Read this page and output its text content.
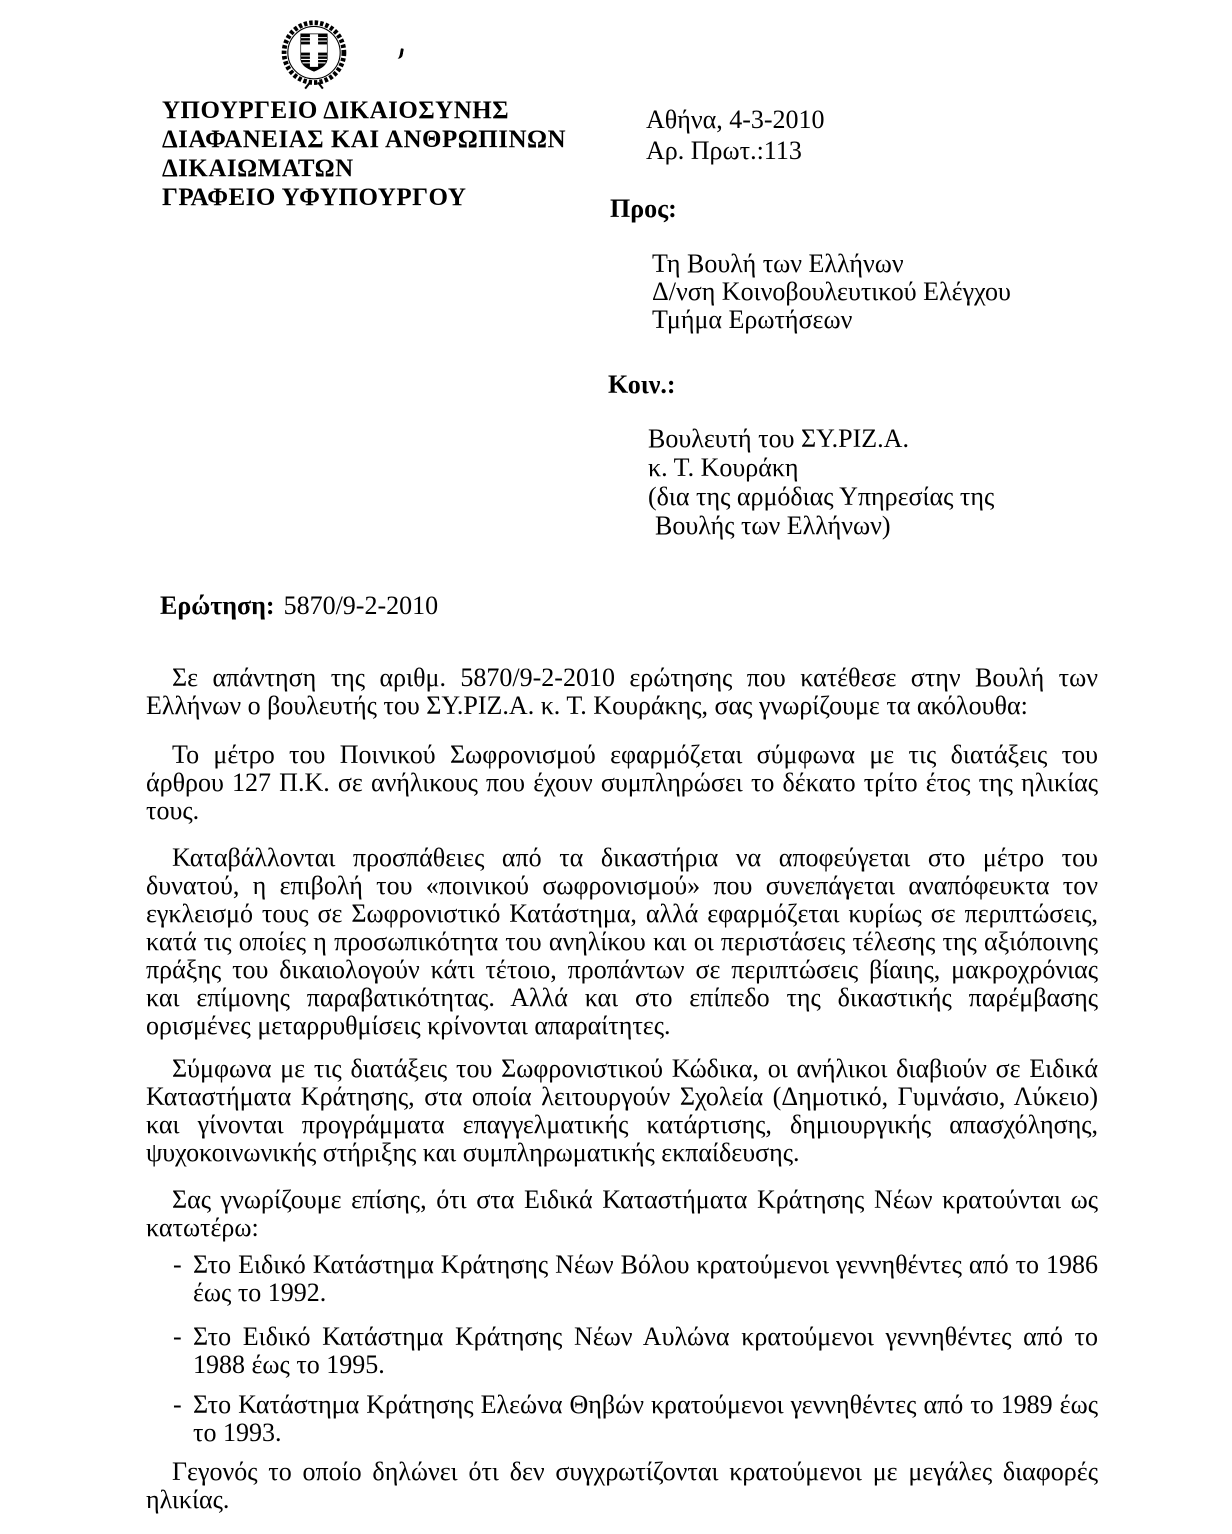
ΥΠΟΥΡΓΕΙΟ ΔΙΚΑΙΟΣΥΝΗΣ
ΔΙΑΦΑΝΕΙΑΣ ΚΑΙ ΑΝΘΡΩΠΙΝΩΝ
ΔΙΚΑΙΩΜΑΤΩΝ
ΓΡΑΦΕΙΟ ΥΦΥΠΟΥΡΓΟΥ
Αθήνα, 4-3-2010
Αρ. Πρωτ.:113
Προς:
Τη Βουλή των Ελλήνων
Δ/νση Κοινοβουλευτικού Ελέγχου
Τμήμα Ερωτήσεων
Κοιν.:
Βουλευτή του ΣΥ.ΡΙΖ.Α.
κ. Τ. Κουράκη
(δια της αρμόδιας Υπηρεσίας της
Βουλής των Ελλήνων)
Ερώτηση: 5870/9-2-2010

Σε απάντηση της αριθμ. 5870/9-2-2010 ερώτησης που κατέθεσε στην Βουλή των Ελλήνων ο βουλευτής του ΣΥ.ΡΙΖ.Α. κ. Τ. Κουράκης, σας γνωρίζουμε τα ακόλουθα:

Το μέτρο του Ποινικού Σωφρονισμού εφαρμόζεται σύμφωνα με τις διατάξεις του άρθρου 127 Π.Κ. σε ανήλικους που έχουν συμπληρώσει το δέκατο τρίτο έτος της ηλικίας τους.

Καταβάλλονται προσπάθειες από τα δικαστήρια να αποφεύγεται στο μέτρο του δυνατού, η επιβολή του «ποινικού σωφρονισμού» που συνεπάγεται αναπόφευκτα τον εγκλεισμό τους σε Σωφρονιστικό Κατάστημα, αλλά εφαρμόζεται κυρίως σε περιπτώσεις, κατά τις οποίες η προσωπικότητα του ανηλίκου και οι περιστάσεις τέλεσης της αξιόποινης πράξης του δικαιολογούν κάτι τέτοιο, προπάντων σε περιπτώσεις βίαιης, μακροχρόνιας και επίμονης παραβατικότητας. Αλλά και στο επίπεδο της δικαστικής παρέμβασης ορισμένες μεταρρυθμίσεις κρίνονται απαραίτητες.

Σύμφωνα με τις διατάξεις του Σωφρονιστικού Κώδικα, οι ανήλικοι διαβιούν σε Ειδικά Καταστήματα Κράτησης, στα οποία λειτουργούν Σχολεία (Δημοτικό, Γυμνάσιο, Λύκειο) και γίνονται προγράμματα επαγγελματικής κατάρτισης, δημιουργικής απασχόλησης, ψυχοκοινωνικής στήριξης και συμπληρωματικής εκπαίδευσης.

Σας γνωρίζουμε επίσης, ότι στα Ειδικά Καταστήματα Κράτησης Νέων κρατούνται ως κατωτέρω:

- Στο Ειδικό Κατάστημα Κράτησης Νέων Βόλου κρατούμενοι γεννηθέντες από το 1986 έως το 1992.
- Στο Ειδικό Κατάστημα Κράτησης Νέων Αυλώνα κρατούμενοι γεννηθέντες από το 1988 έως το 1995.
- Στο Κατάστημα Κράτησης Ελεώνα Θηβών κρατούμενοι γεννηθέντες από το 1989 έως το 1993.

Γεγονός το οποίο δηλώνει ότι δεν συγχρωτίζονται κρατούμενοι με μεγάλες διαφορές ηλικίας.
